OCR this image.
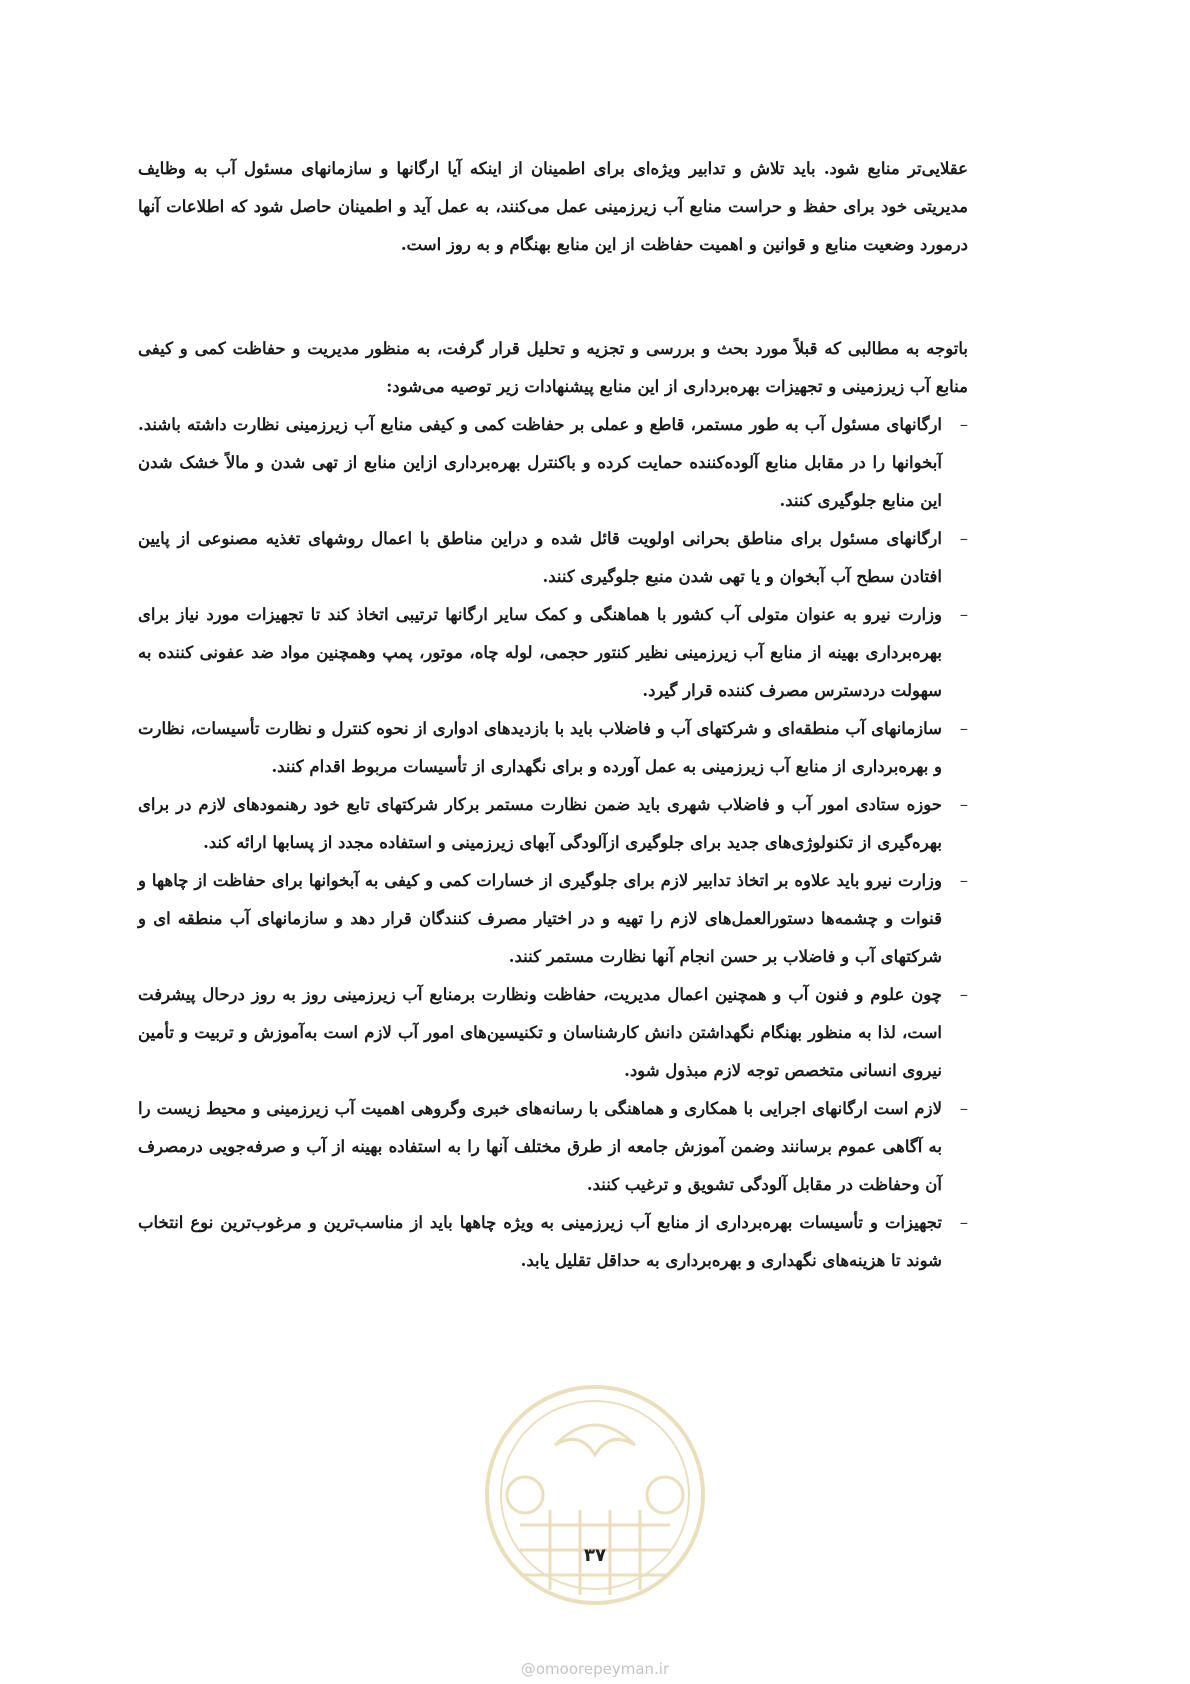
عقلایی‌تر منابع شود. باید تلاش و تدابیر ویژه‌ای برای اطمینان از اینکه آیا ارگانها و سازمانهای مسئول آب به وظایف مدیریتی خود برای حفظ و حراست منابع آب زیرزمینی عمل می‌کنند، به عمل آید و اطمینان حاصل شود که اطلاعات آنها درمورد وضعیت منابع و قوانین و اهمیت حفاظت از این منابع بهنگام و به روز است.

باتوجه به مطالبی که قبلاً مورد بحث و بررسی و تجزیه و تحلیل قرار گرفت، به منظور مدیریت و حفاظت کمی و کیفی منابع آب زیرزمینی و تجهیزات بهره‌برداری از این منابع پیشنهادات زیر توصیه می‌شود:

–
ارگانهای مسئول آب به طور مستمر، قاطع و عملی بر حفاظت کمی و کیفی منابع آب زیرزمینی نظارت داشته باشند. آبخوانها را در مقابل منابع آلوده‌کننده حمایت کرده و باکنترل بهره‌برداری ازاین منابع از تهی شدن و مالاً خشک شدن این منابع جلوگیری کنند.
–
ارگانهای مسئول برای مناطق بحرانی اولویت قائل شده و دراین مناطق با اعمال روشهای تغذیه مصنوعی از پایین افتادن سطح آب آبخوان و یا تهی شدن منبع جلوگیری کنند.
–
وزارت نیرو به عنوان متولی آب کشور با هماهنگی و کمک سایر ارگانها ترتیبی اتخاذ کند تا تجهیزات مورد نیاز برای بهره‌برداری بهینه از منابع آب زیرزمینی نظیر کنتور حجمی، لوله چاه، موتور، پمپ وهمچنین مواد ضد عفونی کننده به سهولت دردسترس مصرف کننده قرار گیرد.
–
سازمانهای آب منطقه‌ای و شرکتهای آب و فاضلاب باید با بازدیدهای ادواری از نحوه کنترل و نظارت تأسیسات، نظارت و بهره‌برداری از منابع آب زیرزمینی به عمل آورده و برای نگهداری از تأسیسات مربوط اقدام کنند.
–
حوزه ستادی امور آب و فاضلاب شهری باید ضمن نظارت مستمر برکار شرکتهای تابع خود رهنمودهای لازم در برای بهره‌گیری از تکنولوژی‌های جدید برای جلوگیری ازآلودگی آبهای زیرزمینی و استفاده مجدد از پسابها ارائه کند.
–
وزارت نیرو باید علاوه بر اتخاذ تدابیر لازم برای جلوگیری از خسارات کمی و کیفی به آبخوانها برای حفاظت از چاهها و قنوات و چشمه‌ها دستورالعمل‌های لازم را تهیه و در اختیار مصرف کنندگان قرار دهد و سازمانهای آب منطقه ای و شرکتهای آب و فاضلاب بر حسن انجام آنها نظارت مستمر کنند.
–
چون علوم و فنون آب و همچنین اعمال مدیریت، حفاظت ونظارت برمنابع آب زیرزمینی روز به روز درحال پیشرفت است، لذا به منظور بهنگام نگهداشتن دانش کارشناسان و تکنیسین‌های امور آب لازم است به‌آموزش و تربیت و تأمین نیروی انسانی متخصص توجه لازم مبذول شود.
–
لازم است ارگانهای اجرایی با همکاری و هماهنگی با رسانه‌های خبری وگروهی اهمیت آب زیرزمینی و محیط زیست را به آگاهی عموم برسانند وضمن آموزش جامعه از طرق مختلف آنها را به استفاده بهینه از آب و صرفه‌جویی درمصرف آن وحفاظت در مقابل آلودگی تشویق و ترغیب کنند.
–
تجهیزات و تأسیسات بهره‌برداری از منابع آب زیرزمینی به ویژه چاهها باید از مناسب‌ترین و مرغوب‌ترین نوع انتخاب شوند تا هزینه‌های نگهداری و بهره‌برداری به حداقل تقلیل یابد.
۳۷
@omoorepeyman.ir
